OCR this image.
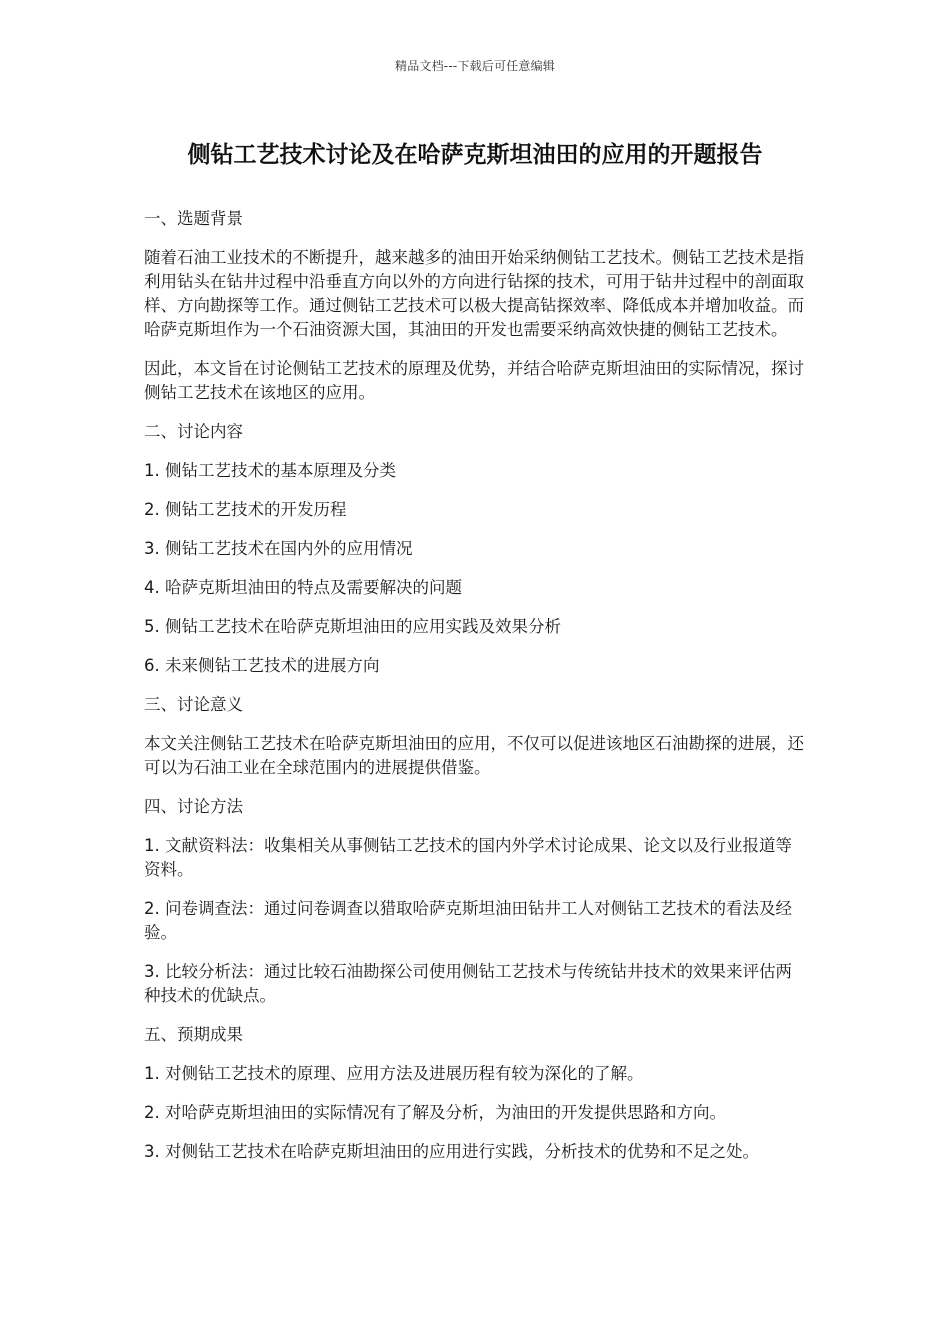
精品文档---下载后可任意编辑
侧钻工艺技术讨论及在哈萨克斯坦油田的应用的开题报告
一、选题背景
随着石油工业技术的不断提升，越来越多的油田开始采纳侧钻工艺技术。侧钻工艺技术是指利用钻头在钻井过程中沿垂直方向以外的方向进行钻探的技术，可用于钻井过程中的剖面取样、方向勘探等工作。通过侧钻工艺技术可以极大提高钻探效率、降低成本并增加收益。而哈萨克斯坦作为一个石油资源大国，其油田的开发也需要采纳高效快捷的侧钻工艺技术。
因此，本文旨在讨论侧钻工艺技术的原理及优势，并结合哈萨克斯坦油田的实际情况，探讨侧钻工艺技术在该地区的应用。
二、讨论内容
1. 侧钻工艺技术的基本原理及分类
2. 侧钻工艺技术的开发历程
3. 侧钻工艺技术在国内外的应用情况
4. 哈萨克斯坦油田的特点及需要解决的问题
5. 侧钻工艺技术在哈萨克斯坦油田的应用实践及效果分析
6. 未来侧钻工艺技术的进展方向
三、讨论意义
本文关注侧钻工艺技术在哈萨克斯坦油田的应用，不仅可以促进该地区石油勘探的进展，还可以为石油工业在全球范围内的进展提供借鉴。
四、讨论方法
1. 文献资料法：收集相关从事侧钻工艺技术的国内外学术讨论成果、论文以及行业报道等资料。
2. 问卷调查法：通过问卷调查以猎取哈萨克斯坦油田钻井工人对侧钻工艺技术的看法及经验。
3. 比较分析法：通过比较石油勘探公司使用侧钻工艺技术与传统钻井技术的效果来评估两种技术的优缺点。
五、预期成果
1. 对侧钻工艺技术的原理、应用方法及进展历程有较为深化的了解。
2. 对哈萨克斯坦油田的实际情况有了解及分析，为油田的开发提供思路和方向。
3. 对侧钻工艺技术在哈萨克斯坦油田的应用进行实践，分析技术的优势和不足之处。
